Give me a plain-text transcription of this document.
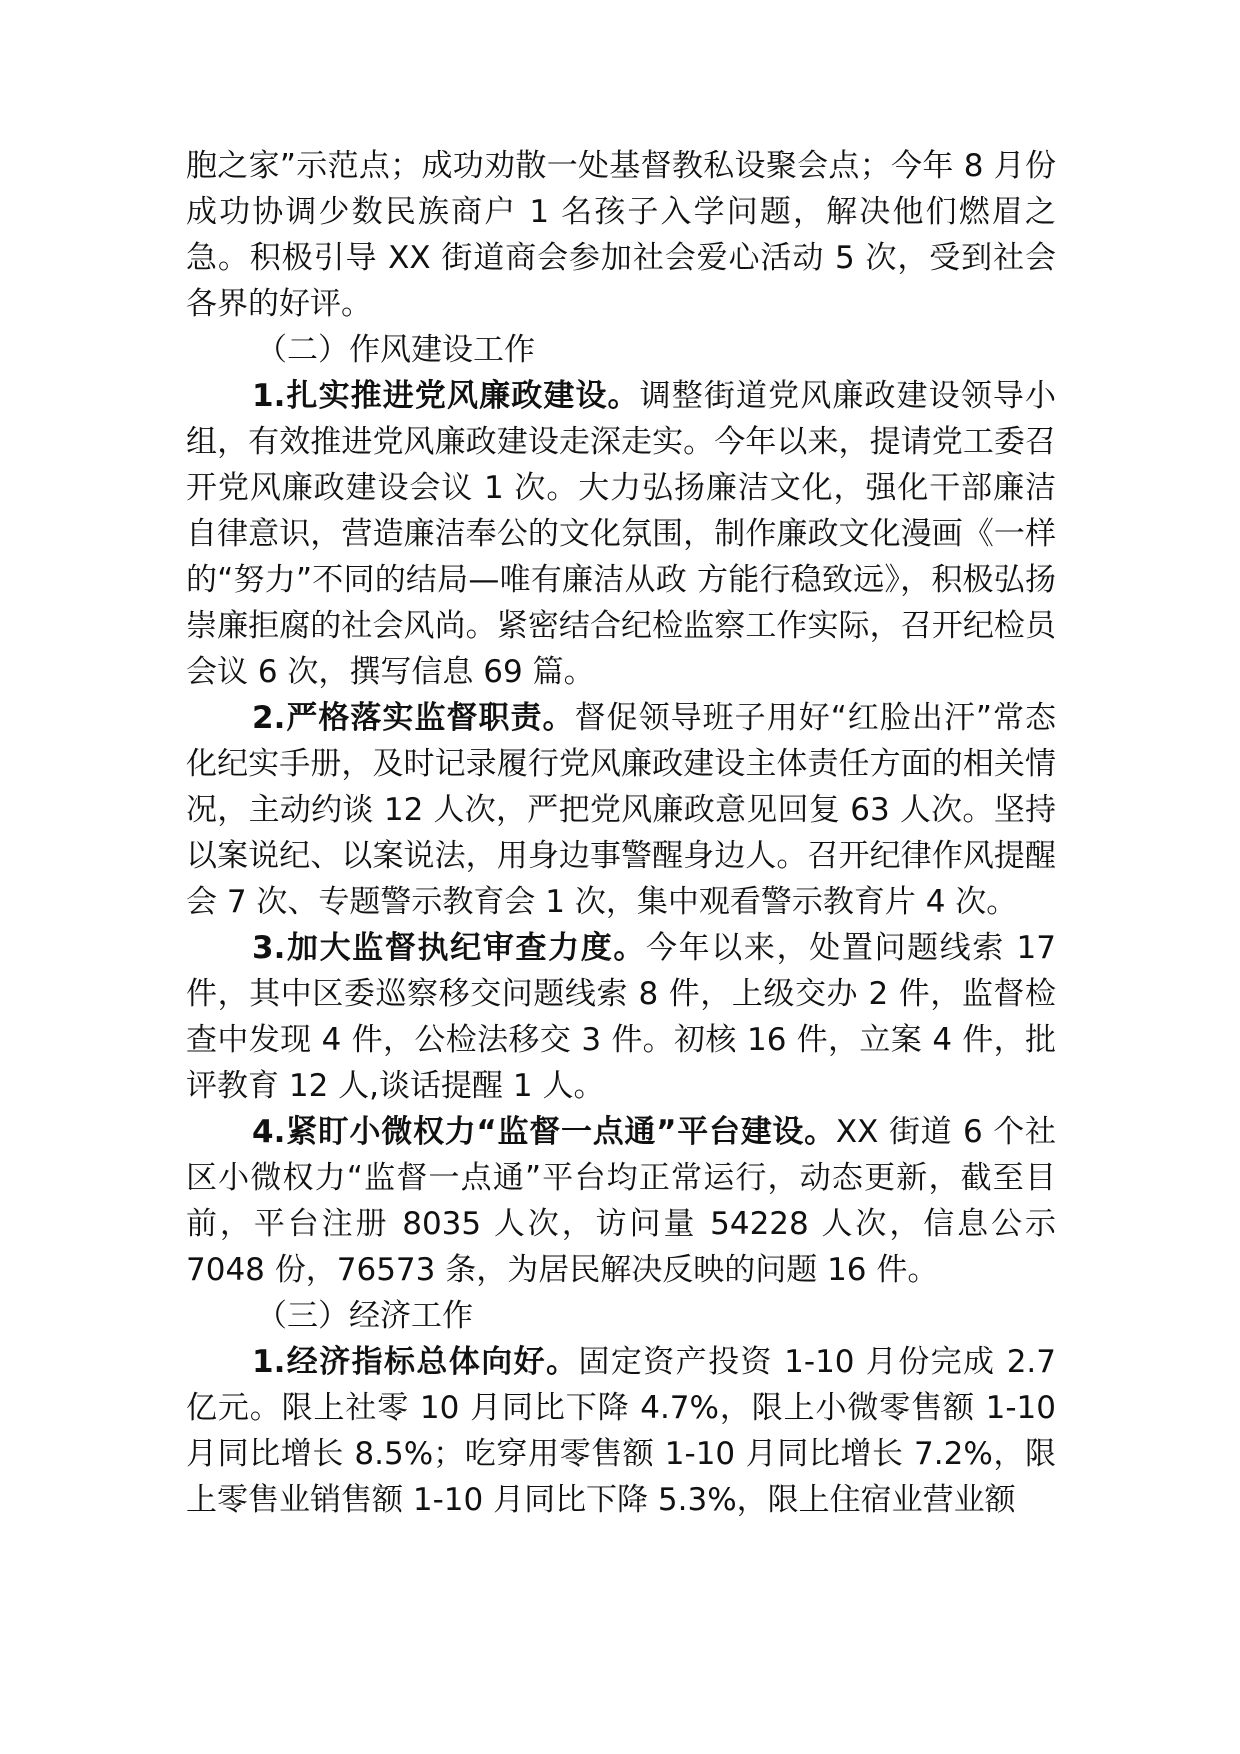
胞之家”示范点；成功劝散一处基督教私设聚会点；今年 8 月份成功协调少数民族商户 1 名孩子入学问题，解决他们燃眉之急。积极引导 XX 街道商会参加社会爱心活动 5 次，受到社会各界的好评。

（二）作风建设工作

1.扎实推进党风廉政建设。调整街道党风廉政建设领导小组，有效推进党风廉政建设走深走实。今年以来，提请党工委召开党风廉政建设会议 1 次。大力弘扬廉洁文化，强化干部廉洁自律意识，营造廉洁奉公的文化氛围，制作廉政文化漫画《一样的“努力”不同的结局—唯有廉洁从政 方能行稳致远》，积极弘扬崇廉拒腐的社会风尚。紧密结合纪检监察工作实际，召开纪检员会议 6 次，撰写信息 69 篇。

2.严格落实监督职责。督促领导班子用好“红脸出汗”常态化纪实手册，及时记录履行党风廉政建设主体责任方面的相关情况，主动约谈 12 人次，严把党风廉政意见回复 63 人次。坚持以案说纪、以案说法，用身边事警醒身边人。召开纪律作风提醒会 7 次、专题警示教育会 1 次，集中观看警示教育片 4 次。

3.加大监督执纪审查力度。今年以来，处置问题线索 17 件，其中区委巡察移交问题线索 8 件，上级交办 2 件，监督检查中发现 4 件，公检法移交 3 件。初核 16 件，立案 4 件，批评教育 12 人,谈话提醒 1 人。

4.紧盯小微权力“监督一点通”平台建设。XX 街道 6 个社区小微权力“监督一点通”平台均正常运行，动态更新，截至目前，平台注册 8035 人次，访问量 54228 人次，信息公示 7048 份，76573 条，为居民解决反映的问题 16 件。

（三）经济工作

1.经济指标总体向好。固定资产投资 1-10 月份完成 2.7 亿元。限上社零 10 月同比下降 4.7%，限上小微零售额 1-10 月同比增长 8.5%；吃穿用零售额 1-10 月同比增长 7.2%，限上零售业销售额 1-10 月同比下降 5.3%，限上住宿业营业额
